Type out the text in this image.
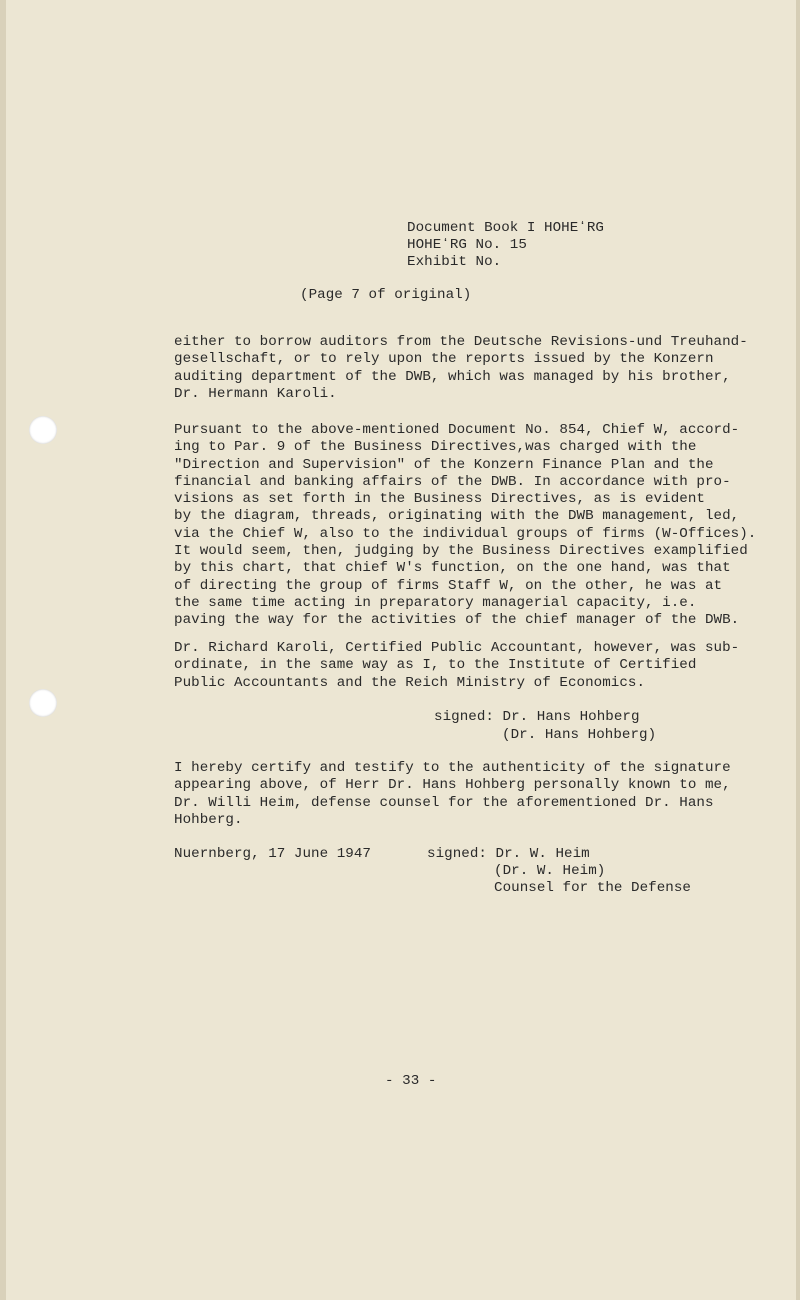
Document Book I HOHEʻRG
HOHEʻRG No. 15
Exhibit No.
(Page 7 of original)
either to borrow auditors from the Deutsche Revisions-und Treuhand-
gesellschaft, or to rely upon the reports issued by the Konzern
auditing department of the DWB, which was managed by his brother,
Dr. Hermann Karoli.
Pursuant to the above-mentioned Document No. 854, Chief W, accord-
ing to Par. 9 of the Business Directives,was charged with the
"Direction and Supervision" of the Konzern Finance Plan and the
financial and banking affairs of the DWB. In accordance with pro-
visions as set forth in the Business Directives, as is evident
by the diagram, threads, originating with the DWB management, led,
via the Chief W, also to the individual groups of firms (W-Offices).
It would seem, then, judging by the Business Directives examplified
by this chart, that chief W's function, on the one hand, was that
of directing the group of firms Staff W, on the other, he was at
the same time acting in preparatory managerial capacity, i.e.
paving the way for the activities of the chief manager of the DWB.
Dr. Richard Karoli, Certified Public Accountant, however, was sub-
ordinate, in the same way as I, to the Institute of Certified
Public Accountants and the Reich Ministry of Economics.
signed: Dr. Hans Hohberg
(Dr. Hans Hohberg)
I hereby certify and testify to the authenticity of the signature
appearing above, of Herr Dr. Hans Hohberg personally known to me,
Dr. Willi Heim, defense counsel for the aforementioned Dr. Hans
Hohberg.
Nuernberg, 17 June 1947	signed: Dr. W. Heim
(Dr. W. Heim)
Counsel for the Defense
- 33 -
